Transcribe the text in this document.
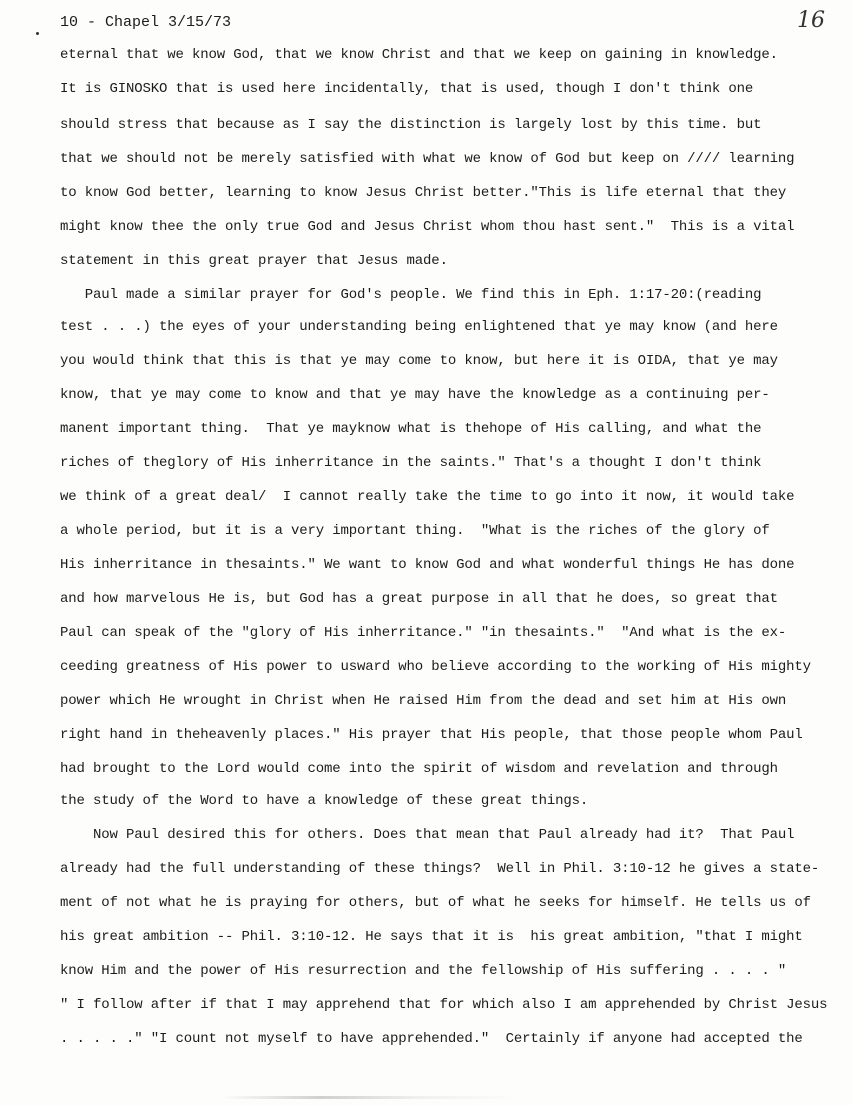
10 - Chapel 3/15/73	16
eternal that we know God, that we know Christ and that we keep on gaining in knowledge.
It is GINOSKO that is used here incidentally, that is used, though I don't think one
should stress that because as I say the distinction is largely lost by this time. but
that we should not be merely satisfied with what we know of God but keep on //// learning
to know God better, learning to know Jesus Christ better."This is life eternal that they
might know thee the only true God and Jesus Christ whom thou hast sent."  This is a vital
statement in this great prayer that Jesus made.
Paul made a similar prayer for God's people. We find this in Eph. 1:17-20:(reading
test . . .) the eyes of your understanding being enlightened that ye may know (and here
you would think that this is that ye may come to know, but here it is OIDA, that ye may
know, that ye may come to know and that ye may have the knowledge as a continuing per-
manent important thing.  That ye mayknow what is thehope of His calling, and what the
riches of theglory of His inherritance in the saints." That's a thought I don't think
we think of a great deal/  I cannot really take the time to go into it now, it would take
a whole period, but it is a very important thing.  "What is the riches of the glory of
His inherritance in thesaints." We want to know God and what wonderful things He has done
and how marvelous He is, but God has a great purpose in all that he does, so great that
Paul can speak of the "glory of His inherritance." "in thesaints."  "And what is the ex-
ceeding greatness of His power to usward who believe according to the working of His mighty
power which He wrought in Christ when He raised Him from the dead and set him at His own
right hand in theheavenly places." His prayer that His people, that those people whom Paul
had brought to the Lord would come into the spirit of wisdom and revelation and through
the study of the Word to have a knowledge of these great things.
Now Paul desired this for others. Does that mean that Paul already had it?  That Paul
already had the full understanding of these things?  Well in Phil. 3:10-12 he gives a state-
ment of not what he is praying for others, but of what he seeks for himself. He tells us of
his great ambition -- Phil. 3:10-12. He says that it is  his great ambition, "that I might
know Him and the power of His resurrection and the fellowship of His suffering . . . . "
" I follow after if that I may apprehend that for which also I am apprehended by Christ Jesus
. . . . ." "I count not myself to have apprehended."  Certainly if anyone had accepted the
